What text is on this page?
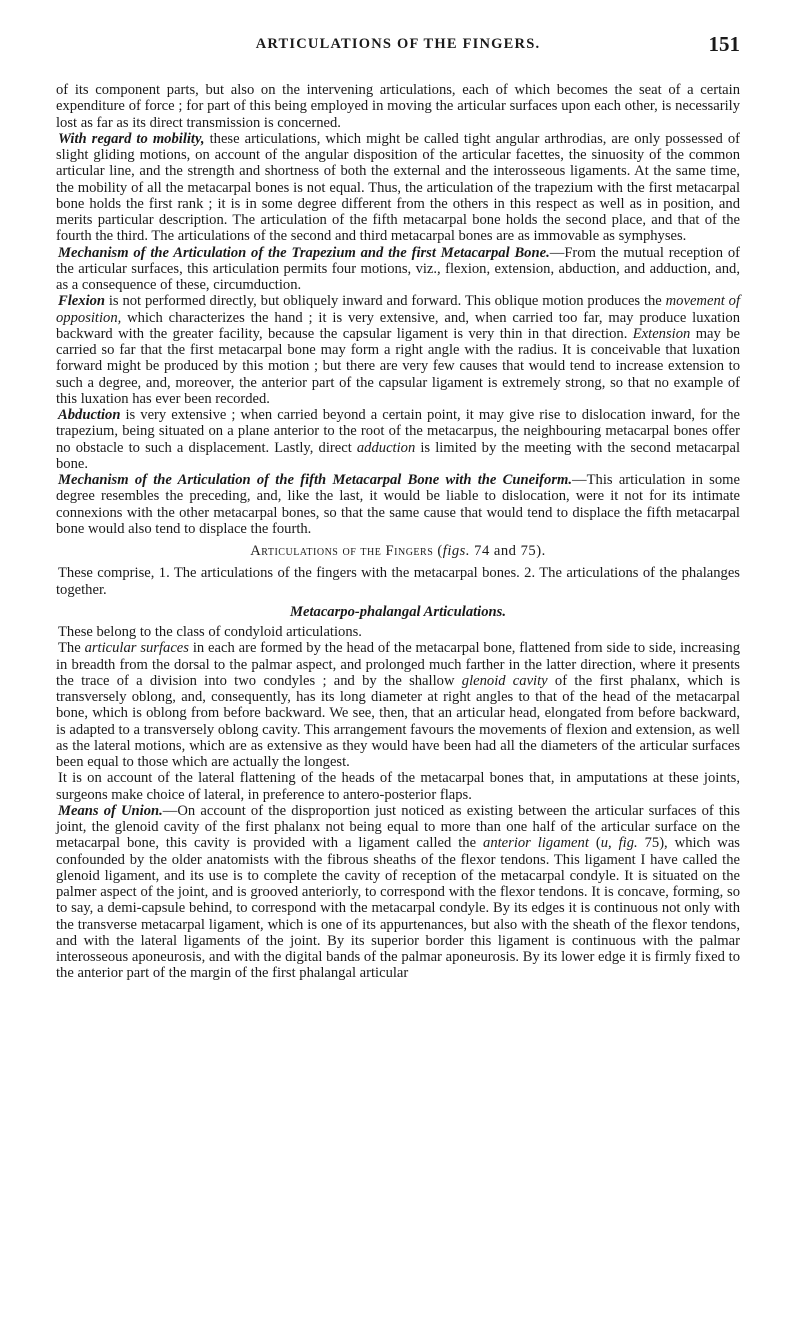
ARTICULATIONS OF THE FINGERS.	151

of its component parts, but also on the intervening articulations, each of which becomes the seat of a certain expenditure of force ; for part of this being employed in moving the articular surfaces upon each other, is necessarily lost as far as its direct transmission is concerned.

With regard to mobility, these articulations, which might be called tight angular arthrodias, are only possessed of slight gliding motions, on account of the angular disposition of the articular facettes, the sinuosity of the common articular line, and the strength and shortness of both the external and the interosseous ligaments. At the same time, the mobility of all the metacarpal bones is not equal. Thus, the articulation of the trapezium with the first metacarpal bone holds the first rank ; it is in some degree different from the others in this respect as well as in position, and merits particular description. The articulation of the fifth metacarpal bone holds the second place, and that of the fourth the third. The articulations of the second and third metacarpal bones are as immovable as symphyses.

Mechanism of the Articulation of the Trapezium and the first Metacarpal Bone.—From the mutual reception of the articular surfaces, this articulation permits four motions, viz., flexion, extension, abduction, and adduction, and, as a consequence of these, circumduction.

Flexion is not performed directly, but obliquely inward and forward. This oblique motion produces the movement of opposition, which characterizes the hand ; it is very extensive, and, when carried too far, may produce luxation backward with the greater facility, because the capsular ligament is very thin in that direction. Extension may be carried so far that the first metacarpal bone may form a right angle with the radius. It is conceivable that luxation forward might be produced by this motion ; but there are very few causes that would tend to increase extension to such a degree, and, moreover, the anterior part of the capsular ligament is extremely strong, so that no example of this luxation has ever been recorded.

Abduction is very extensive ; when carried beyond a certain point, it may give rise to dislocation inward, for the trapezium, being situated on a plane anterior to the root of the metacarpus, the neighbouring metacarpal bones offer no obstacle to such a displacement. Lastly, direct adduction is limited by the meeting with the second metacarpal bone.

Mechanism of the Articulation of the fifth Metacarpal Bone with the Cuneiform.—This articulation in some degree resembles the preceding, and, like the last, it would be liable to dislocation, were it not for its intimate connexions with the other metacarpal bones, so that the same cause that would tend to displace the fifth metacarpal bone would also tend to displace the fourth.

Articulations of the Fingers (figs. 74 and 75).

These comprise, 1. The articulations of the fingers with the metacarpal bones. 2. The articulations of the phalanges together.

Metacarpo-phalangal Articulations.

These belong to the class of condyloid articulations.

The articular surfaces in each are formed by the head of the metacarpal bone, flattened from side to side, increasing in breadth from the dorsal to the palmar aspect, and prolonged much farther in the latter direction, where it presents the trace of a division into two condyles ; and by the shallow glenoid cavity of the first phalanx, which is transversely oblong, and, consequently, has its long diameter at right angles to that of the head of the metacarpal bone, which is oblong from before backward. We see, then, that an articular head, elongated from before backward, is adapted to a transversely oblong cavity. This arrangement favours the movements of flexion and extension, as well as the lateral motions, which are as extensive as they would have been had all the diameters of the articular surfaces been equal to those which are actually the longest.

It is on account of the lateral flattening of the heads of the metacarpal bones that, in amputations at these joints, surgeons make choice of lateral, in preference to antero-posterior flaps.

Means of Union.—On account of the disproportion just noticed as existing between the articular surfaces of this joint, the glenoid cavity of the first phalanx not being equal to more than one half of the articular surface on the metacarpal bone, this cavity is provided with a ligament called the anterior ligament (u, fig. 75), which was confounded by the older anatomists with the fibrous sheaths of the flexor tendons. This ligament I have called the glenoid ligament, and its use is to complete the cavity of reception of the metacarpal condyle. It is situated on the palmer aspect of the joint, and is grooved anteriorly, to correspond with the flexor tendons. It is concave, forming, so to say, a demi-capsule behind, to correspond with the metacarpal condyle. By its edges it is continuous not only with the transverse metacarpal ligament, which is one of its appurtenances, but also with the sheath of the flexor tendons, and with the lateral ligaments of the joint. By its superior border this ligament is continuous with the palmar interosseous aponeurosis, and with the digital bands of the palmar aponeurosis. By its lower edge it is firmly fixed to the anterior part of the margin of the first phalangal articular
